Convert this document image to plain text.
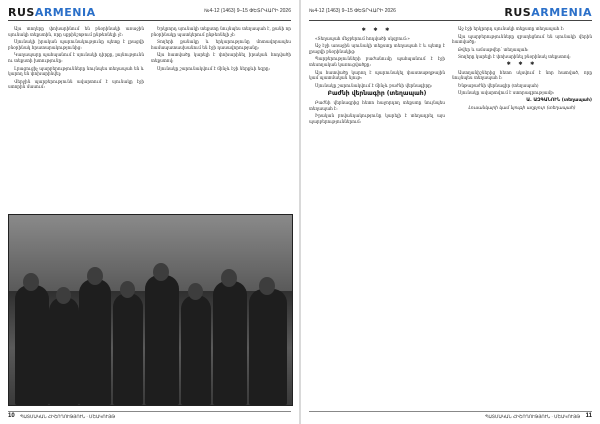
RUSARMENIA	№4-12 (1463) 9–15 ՓԵՏՐՎԱՐԻ 2026

Այս տողերը փոխարինում են բնօրինակի առաջին սյունակի տեքստին, որը սքրինշոթում ընթեռնելի չէ։

Սյունակի իրական պարունակությունը պետք է լրացվի բնօրինակ հրատարակությունից։

Կաղապարը պահպանում է սյունակի դիրքը, լայնությունն ու տեքստի խտությունը։

Լրացուցիչ պարբերությունները նույնպես տեղապահ են և կարող են փոխարինվել։

Վերջին պարբերությունն ավարտում է սյունակը էջի ստորին մասում։

Երկրորդ սյունակի տեքստը նույնպես տեղապահ է, քանի որ բնօրինակը պատկերում ընթեռնելի չէ։

Տողերի քանակը և երկարությունը մոտավորապես համապատասխանում են էջի դասավորությանը։

Այս հատվածը կարելի է փոխարինել իրական հոդվածի տեքստով։

Սյունակը շարունակվում է մինչև էջի ներքևի եզրը։

10 ՊԱՏՄԱԿԱՆ ՀԻՇՈՂՈՒԹՅՈՒՆ · ՄՇԱԿՈՒՅԹ
№4-12 (1463) 9–15 ՓԵՏՐՎԱՐԻ 2026	RUSARMENIA
✱ ✱ ✱

«Տեղապահ մեջբերում հոդվածի սկզբում։»

Աջ էջի առաջին սյունակի տեքստը տեղապահ է և պետք է լրացվի բնօրինակից։

Պարբերությունների բաժանումը պահպանում է էջի տեսողական կառուցվածքը։

Այս հատվածը կարող է պարունակել փաստաթղթային կամ պատմական նյութ։

Սյունակը շարունակվում է մինչև բաժնի վերնագիրը։

Բաժնի վերնագիր (տեղապահ)

Բաժնի վերնագրից հետո հաջորդող տեքստը նույնպես տեղապահ է։

Իրական բովանդակությունը կարելի է տեղադրել այս պարբերություններում։

Աջ էջի երկրորդ սյունակի տեքստը տեղապահ է։

Այս պարբերությունները զբաղեցնում են սյունակի վերին հատվածը։

Թվեր և ամսաթվեր՝ տեղապահ։

Տողերը կարելի է փոխարինել բնօրինակ տեքստով։

✱ ✱ ✱

Աստղանիշներից հետո սկսվում է նոր հատված, որը նույնպես տեղապահ է։

Ենթաբաժնի վերնագիր (տեղապահ)

Սյունակը ավարտվում է ստորագրությամբ։

Ա. ԱԶԳԱՆՈՒՆ (տեղապահ)
Լուսանկարի կամ նյութի աղբյուր (տեղապահ)
ՊԱՏՄԱԿԱՆ ՀԻՇՈՂՈՒԹՅՈՒՆ · ՄՇԱԿՈՒՅԹ 11
